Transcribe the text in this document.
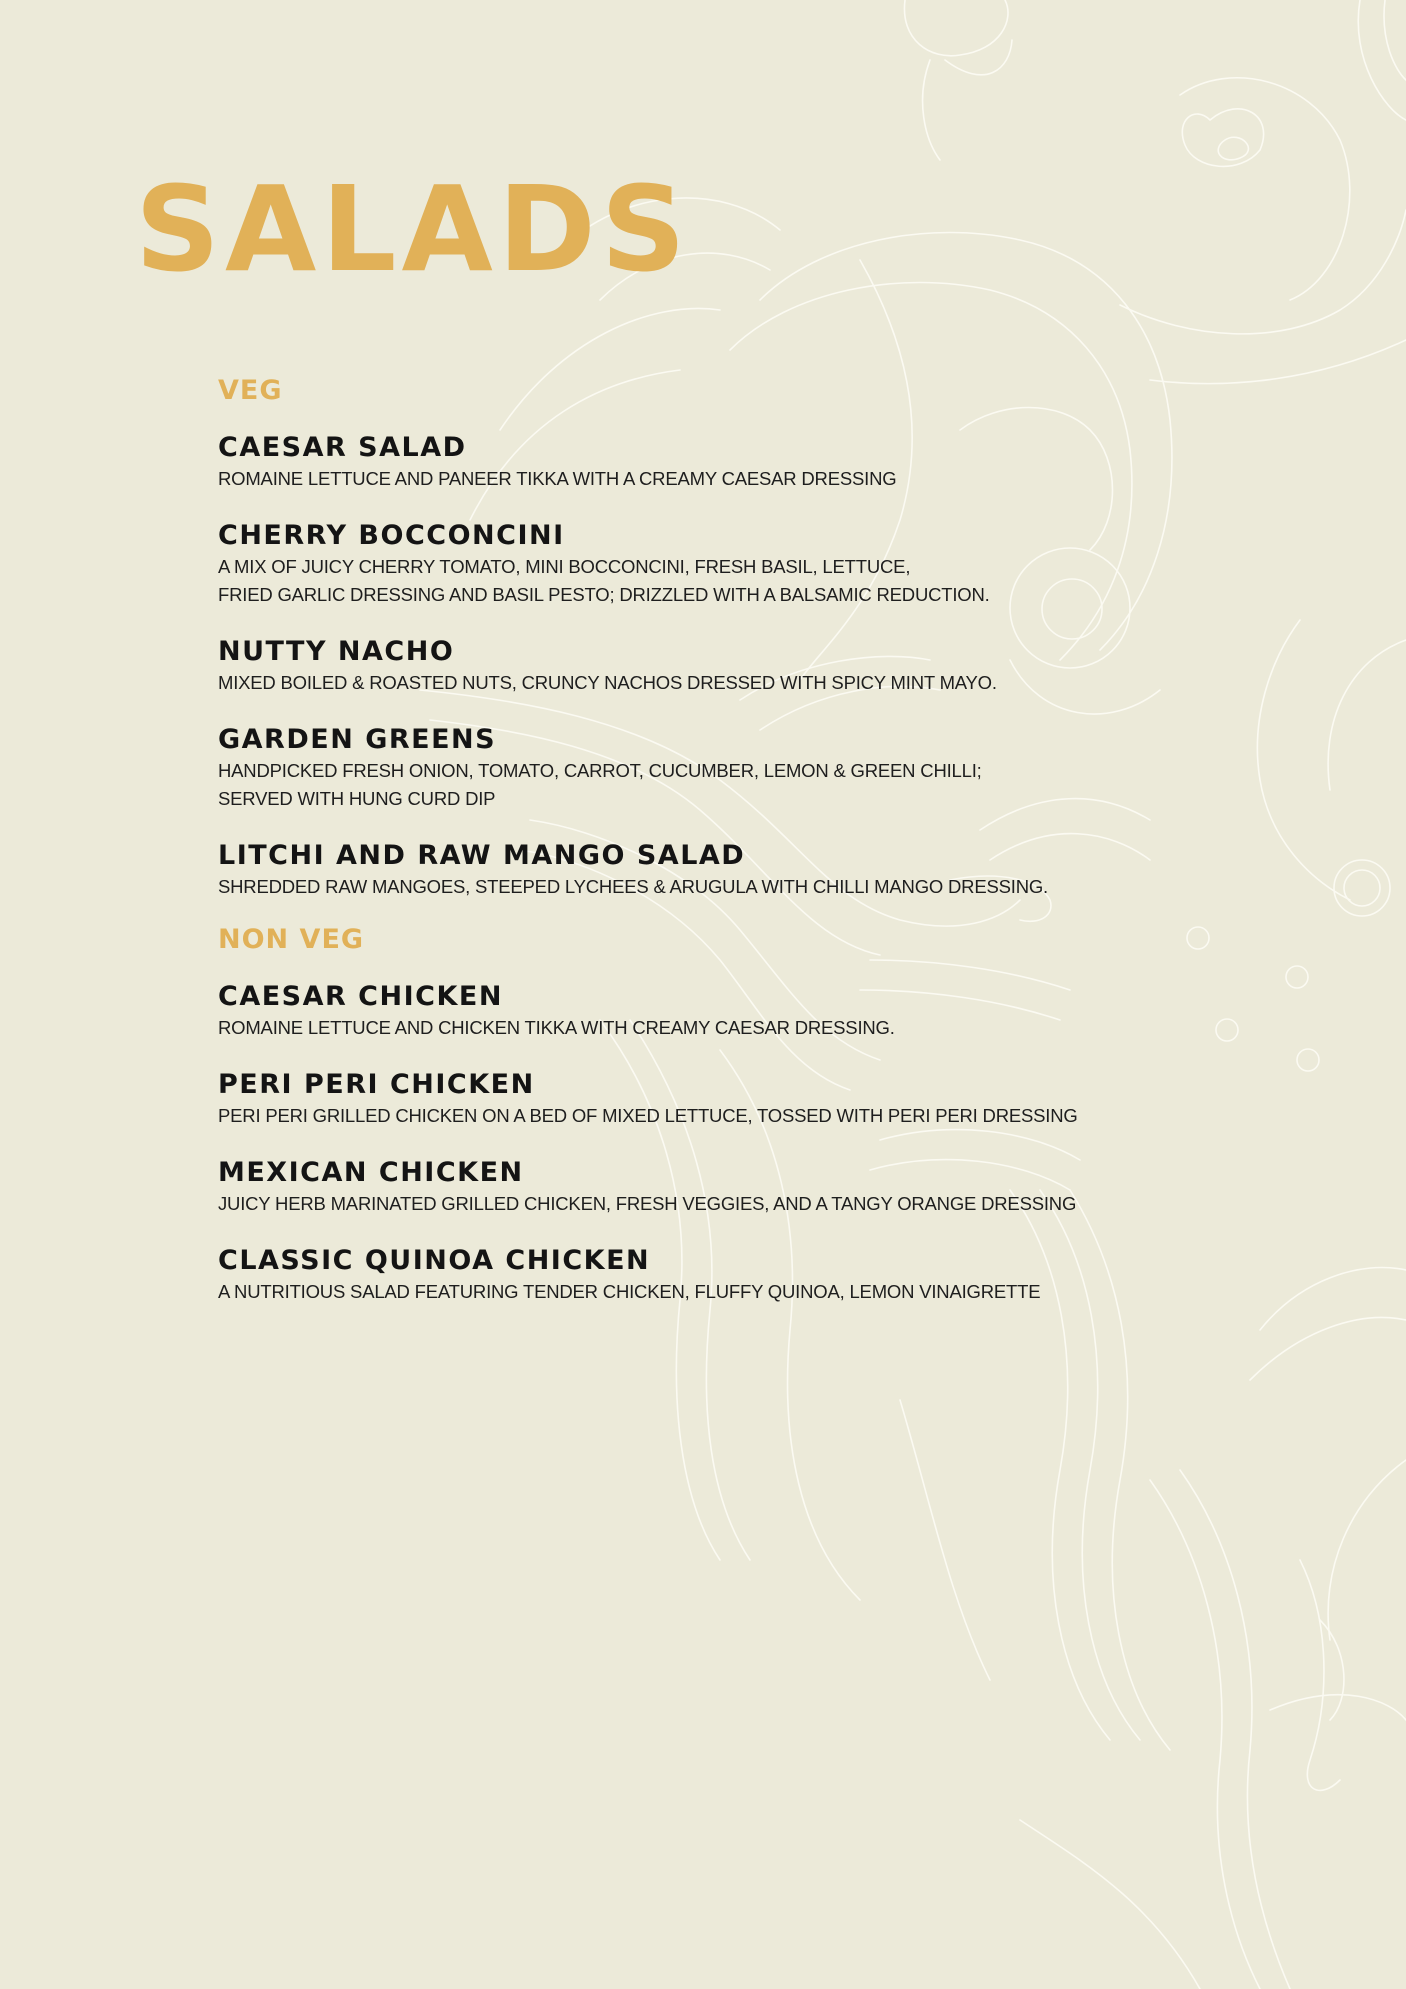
SALADS
VEG
CAESAR SALAD

ROMAINE LETTUCE AND PANEER TIKKA WITH A CREAMY CAESAR DRESSING

CHERRY BOCCONCINI

A MIX OF JUICY CHERRY TOMATO, MINI BOCCONCINI, FRESH BASIL, LETTUCE,
FRIED GARLIC DRESSING AND BASIL PESTO; DRIZZLED WITH A BALSAMIC REDUCTION.

NUTTY NACHO

MIXED BOILED & ROASTED NUTS, CRUNCY NACHOS DRESSED WITH SPICY MINT MAYO.

GARDEN GREENS

HANDPICKED FRESH ONION, TOMATO, CARROT, CUCUMBER, LEMON & GREEN CHILLI;
SERVED WITH HUNG CURD DIP

LITCHI AND RAW MANGO SALAD

SHREDDED RAW MANGOES, STEEPED LYCHEES & ARUGULA WITH CHILLI MANGO DRESSING.

NON VEG
CAESAR CHICKEN

ROMAINE LETTUCE AND CHICKEN TIKKA WITH CREAMY CAESAR DRESSING.

PERI PERI CHICKEN

PERI PERI GRILLED CHICKEN ON A BED OF MIXED LETTUCE, TOSSED WITH PERI PERI DRESSING

MEXICAN CHICKEN

JUICY HERB MARINATED GRILLED CHICKEN, FRESH VEGGIES, AND A TANGY ORANGE DRESSING

CLASSIC QUINOA CHICKEN

A NUTRITIOUS SALAD FEATURING TENDER CHICKEN, FLUFFY QUINOA, LEMON VINAIGRETTE
